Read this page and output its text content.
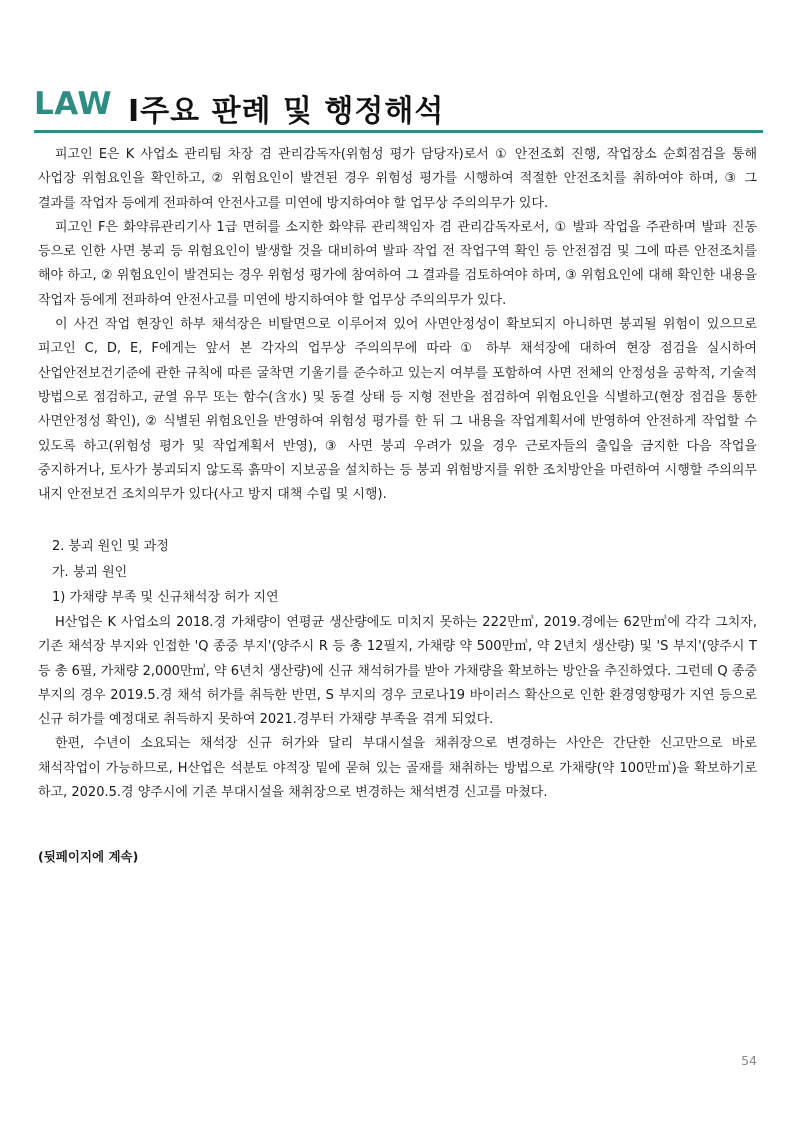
LAW Ⅰ주요 판례 및 행정해석

피고인 E은 K 사업소 관리팀 차장 겸 관리감독자(위험성 평가 담당자)로서 ① 안전조회 진행, 작업장소 순회점검을 통해 사업장 위험요인을 확인하고, ② 위험요인이 발견된 경우 위험성 평가를 시행하여 적절한 안전조치를 취하여야 하며, ③ 그 결과를 작업자 등에게 전파하여 안전사고를 미연에 방지하여야 할 업무상 주의의무가 있다.

피고인 F은 화약류관리기사 1급 면허를 소지한 화약류 관리책임자 겸 관리감독자로서, ① 발파 작업을 주관하며 발파 진동 등으로 인한 사면 붕괴 등 위험요인이 발생할 것을 대비하여 발파 작업 전 작업구역 확인 등 안전점검 및 그에 따른 안전조치를 해야 하고, ② 위험요인이 발견되는 경우 위험성 평가에 참여하여 그 결과를 검토하여야 하며, ③ 위험요인에 대해 확인한 내용을 작업자 등에게 전파하여 안전사고를 미연에 방지하여야 할 업무상 주의의무가 있다.

이 사건 작업 현장인 하부 채석장은 비탈면으로 이루어져 있어 사면안정성이 확보되지 아니하면 붕괴될 위험이 있으므로 피고인 C, D, E, F에게는 앞서 본 각자의 업무상 주의의무에 따라 ① 하부 채석장에 대하여 현장 점검을 실시하여 산업안전보건기준에 관한 규칙에 따른 굴착면 기울기를 준수하고 있는지 여부를 포함하여 사면 전체의 안정성을 공학적, 기술적 방법으로 점검하고, 균열 유무 또는 함수(含水) 및 동결 상태 등 지형 전반을 점검하여 위험요인을 식별하고(현장 점검을 통한 사면안정성 확인), ② 식별된 위험요인을 반영하여 위험성 평가를 한 뒤 그 내용을 작업계획서에 반영하여 안전하게 작업할 수 있도록 하고(위험성 평가 및 작업계획서 반영), ③ 사면 붕괴 우려가 있을 경우 근로자들의 출입을 금지한 다음 작업을 중지하거나, 토사가 붕괴되지 않도록 흙막이 지보공을 설치하는 등 붕괴 위험방지를 위한 조치방안을 마련하여 시행할 주의의무 내지 안전보건 조치의무가 있다(사고 방지 대책 수립 및 시행).

2. 붕괴 원인 및 과정

가. 붕괴 원인

1) 가채량 부족 및 신규채석장 허가 지연

H산업은 K 사업소의 2018.경 가채량이 연평균 생산량에도 미치지 못하는 222만㎥, 2019.경에는 62만㎥에 각각 그치자, 기존 채석장 부지와 인접한 'Q 종중 부지'(양주시 R 등 총 12필지, 가채량 약 500만㎥, 약 2년치 생산량) 및 'S 부지'(양주시 T 등 총 6필, 가채량 2,000만㎥, 약 6년치 생산량)에 신규 채석허가를 받아 가채량을 확보하는 방안을 추진하였다. 그런데 Q 종중 부지의 경우 2019.5.경 채석 허가를 취득한 반면, S 부지의 경우 코로나19 바이러스 확산으로 인한 환경영향평가 지연 등으로 신규 허가를 예정대로 취득하지 못하여 2021.경부터 가채량 부족을 겪게 되었다.

한편, 수년이 소요되는 채석장 신규 허가와 달리 부대시설을 채취장으로 변경하는 사안은 간단한 신고만으로 바로 채석작업이 가능하므로, H산업은 석분토 야적장 밑에 묻혀 있는 골재를 채취하는 방법으로 가채량(약 100만㎥)을 확보하기로 하고, 2020.5.경 양주시에 기존 부대시설을 채취장으로 변경하는 채석변경 신고를 마쳤다.

(뒷페이지에 계속)

54
